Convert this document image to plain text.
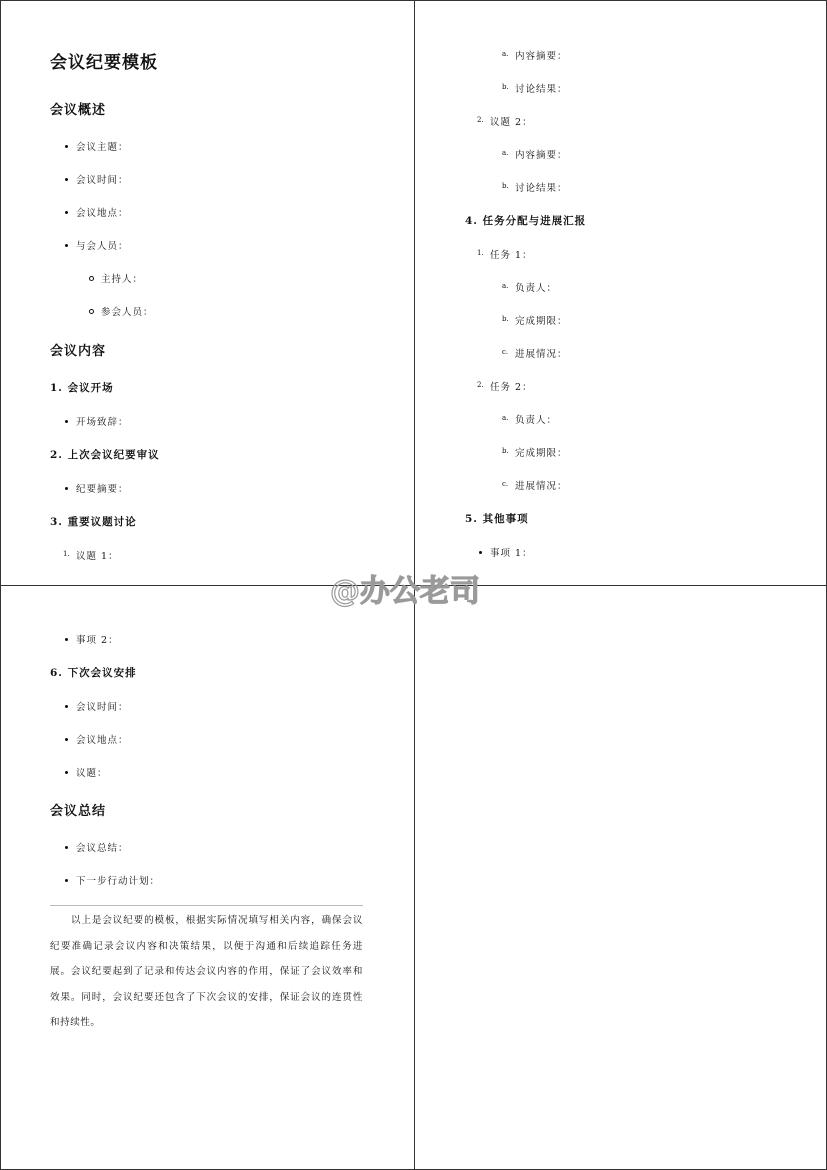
会议纪要模板
会议概述
会议主题：
会议时间：
会议地点：
与会人员：
主持人：
参会人员：
会议内容
1. 会议开场
开场致辞：
2. 上次会议纪要审议
纪要摘要：
3. 重要议题讨论
1. 议题 1：
a. 内容摘要：
b. 讨论结果：
2. 议题 2：
a. 内容摘要：
b. 讨论结果：
4. 任务分配与进展汇报
1. 任务 1：
a. 负责人：
b. 完成期限：
c. 进展情况：
2. 任务 2：
a. 负责人：
b. 完成期限：
c. 进展情况：
5. 其他事项
事项 1：
事项 2：
6. 下次会议安排
会议时间：
会议地点：
议题：
会议总结
会议总结：
下一步行动计划：

以上是会议纪要的模板，根据实际情况填写相关内容，确保会议纪要准确记录会议内容和决策结果，以便于沟通和后续追踪任务进展。会议纪要起到了记录和传达会议内容的作用，保证了会议效率和效果。同时，会议纪要还包含了下次会议的安排，保证会议的连贯性和持续性。

@办公老司
